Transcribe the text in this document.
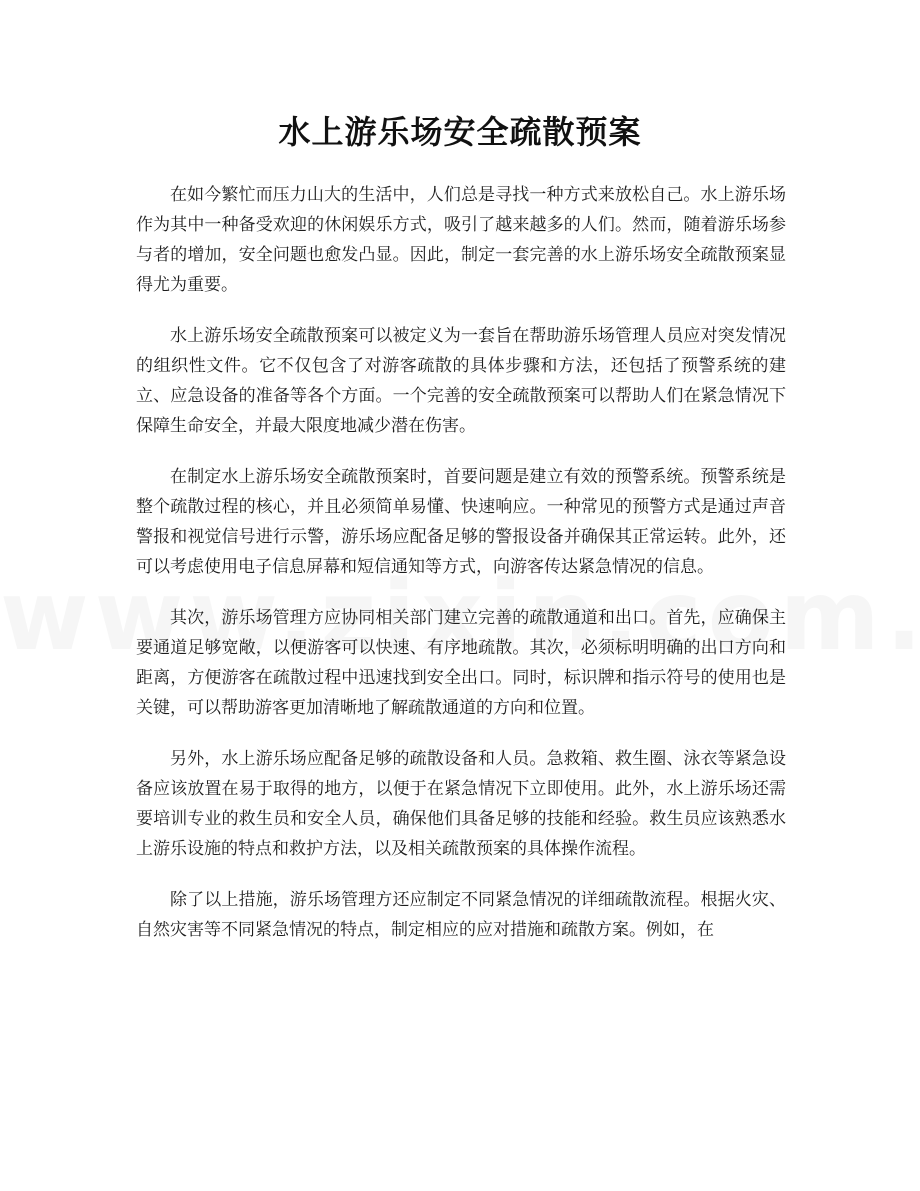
水上游乐场安全疏散预案

在如今繁忙而压力山大的生活中，人们总是寻找一种方式来放松自己。水上游乐场作为其中一种备受欢迎的休闲娱乐方式，吸引了越来越多的人们。然而，随着游乐场参与者的增加，安全问题也愈发凸显。因此，制定一套完善的水上游乐场安全疏散预案显得尤为重要。

水上游乐场安全疏散预案可以被定义为一套旨在帮助游乐场管理人员应对突发情况的组织性文件。它不仅包含了对游客疏散的具体步骤和方法，还包括了预警系统的建立、应急设备的准备等各个方面。一个完善的安全疏散预案可以帮助人们在紧急情况下保障生命安全，并最大限度地减少潜在伤害。

在制定水上游乐场安全疏散预案时，首要问题是建立有效的预警系统。预警系统是整个疏散过程的核心，并且必须简单易懂、快速响应。一种常见的预警方式是通过声音警报和视觉信号进行示警，游乐场应配备足够的警报设备并确保其正常运转。此外，还可以考虑使用电子信息屏幕和短信通知等方式，向游客传达紧急情况的信息。

其次，游乐场管理方应协同相关部门建立完善的疏散通道和出口。首先，应确保主要通道足够宽敞，以便游客可以快速、有序地疏散。其次，必须标明明确的出口方向和距离，方便游客在疏散过程中迅速找到安全出口。同时，标识牌和指示符号的使用也是关键，可以帮助游客更加清晰地了解疏散通道的方向和位置。

另外，水上游乐场应配备足够的疏散设备和人员。急救箱、救生圈、泳衣等紧急设备应该放置在易于取得的地方，以便于在紧急情况下立即使用。此外，水上游乐场还需要培训专业的救生员和安全人员，确保他们具备足够的技能和经验。救生员应该熟悉水上游乐设施的特点和救护方法，以及相关疏散预案的具体操作流程。

除了以上措施，游乐场管理方还应制定不同紧急情况的详细疏散流程。根据火灾、自然灾害等不同紧急情况的特点，制定相应的应对措施和疏散方案。例如，在
